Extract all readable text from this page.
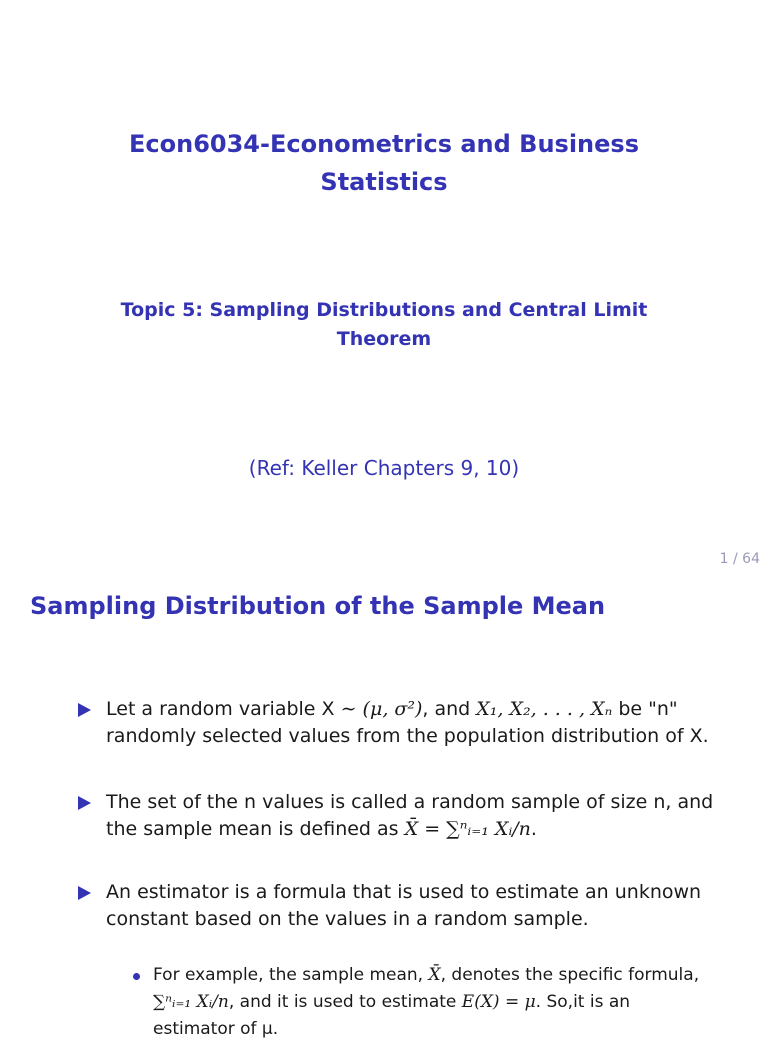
Econ6034-Econometrics and Business
Statistics
Topic 5: Sampling Distributions and Central Limit
Theorem
(Ref: Keller Chapters 9, 10)
1 / 64
Sampling Distribution of the Sample Mean
Let a random variable X ∼ (μ, σ²), and X₁, X₂, . . . , Xₙ be "n"
randomly selected values from the population distribution of X.
The set of the n values is called a random sample of size n, and
the sample mean is defined as X̄ = ∑ⁿᵢ₌₁ Xᵢ/n.
An estimator is a formula that is used to estimate an unknown
constant based on the values in a random sample.
For example, the sample mean, X̄, denotes the specific formula,
∑ⁿᵢ₌₁ Xᵢ/n, and it is used to estimate E(X) = μ. So,it is an
estimator of μ.
